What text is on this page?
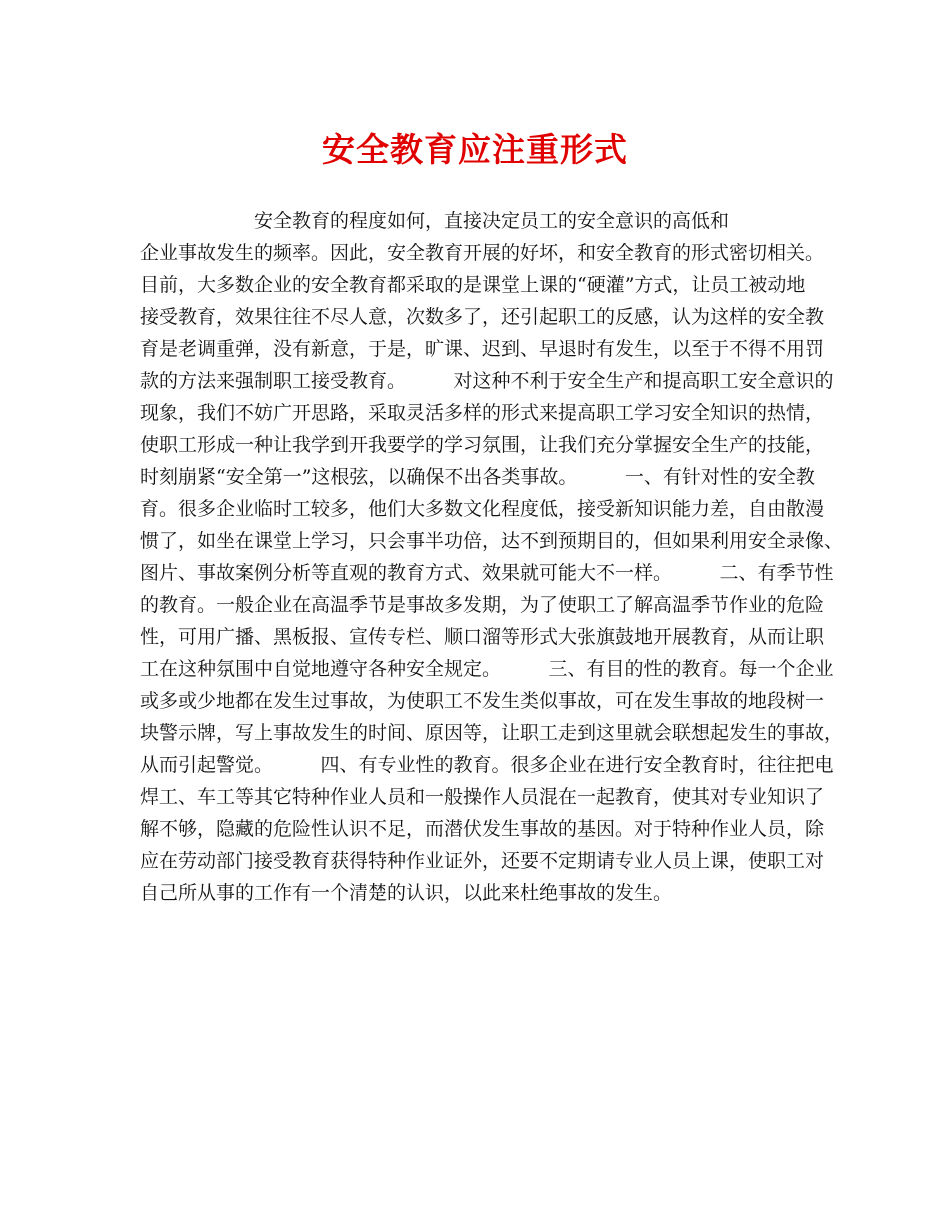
安全教育应注重形式
　　　　　　安全教育的程度如何，直接决定员工的安全意识的高低和
企业事故发生的频率。因此，安全教育开展的好坏，和安全教育的形式密切相关。
目前，大多数企业的安全教育都采取的是课堂上课的“硬灌”方式，让员工被动地
接受教育，效果往往不尽人意，次数多了，还引起职工的反感，认为这样的安全教
育是老调重弹，没有新意，于是，旷课、迟到、早退时有发生，以至于不得不用罚
款的方法来强制职工接受教育。　　　对这种不利于安全生产和提高职工安全意识的
现象，我们不妨广开思路，采取灵活多样的形式来提高职工学习安全知识的热情，
使职工形成一种让我学到开我要学的学习氛围，让我们充分掌握安全生产的技能，
时刻崩紧“安全第一”这根弦，以确保不出各类事故。　　　一、有针对性的安全教
育。很多企业临时工较多，他们大多数文化程度低，接受新知识能力差，自由散漫
惯了，如坐在课堂上学习，只会事半功倍，达不到预期目的，但如果利用安全录像、
图片、事故案例分析等直观的教育方式、效果就可能大不一样。　　　二、有季节性
的教育。一般企业在高温季节是事故多发期，为了使职工了解高温季节作业的危险
性，可用广播、黑板报、宣传专栏、顺口溜等形式大张旗鼓地开展教育，从而让职
工在这种氛围中自觉地遵守各种安全规定。　　　三、有目的性的教育。每一个企业
或多或少地都在发生过事故，为使职工不发生类似事故，可在发生事故的地段树一
块警示牌，写上事故发生的时间、原因等，让职工走到这里就会联想起发生的事故，
从而引起警觉。　　　四、有专业性的教育。很多企业在进行安全教育时，往往把电
焊工、车工等其它特种作业人员和一般操作人员混在一起教育，使其对专业知识了
解不够，隐藏的危险性认识不足，而潜伏发生事故的基因。对于特种作业人员，除
应在劳动部门接受教育获得特种作业证外，还要不定期请专业人员上课，使职工对
自己所从事的工作有一个清楚的认识，以此来杜绝事故的发生。
